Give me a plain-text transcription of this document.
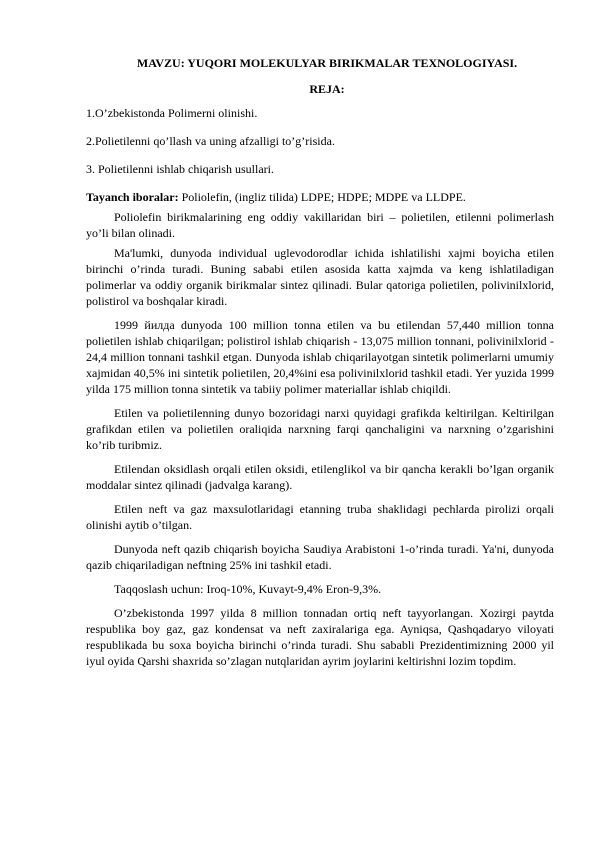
MAVZU: YUQORI MOLEKULYAR BIRIKMALAR TEXNOLOGIYASI.

REJA:

1.O’zbekistonda Polimerni olinishi.

2.Polietilenni qo’llash va uning afzalligi to’g’risida.

3. Polietilenni ishlab chiqarish usullari.

Tayanch iboralar: Poliolefin, (ingliz tilida) LDPE; HDPE; MDPE va LLDPE.

Poliolefin birikmalarining eng oddiy vakillaridan biri – polietilen, etilenni polimerlash yo’li bilan olinadi.

Ma'lumki, dunyoda individual uglevodorodlar ichida ishlatilishi xajmi boyicha etilen birinchi o’rinda turadi. Buning sababi etilen asosida katta xajmda va keng ishlatiladigan polimerlar va oddiy organik birikmalar sintez qilinadi. Bular qatoriga polietilen, polivinilxlorid, polistirol va boshqalar kiradi.

1999 йилда dunyoda 100 million tonna etilen va bu etilendan 57,440 million tonna polietilen ishlab chiqarilgan; polistirol ishlab chiqarish - 13,075 million tonnani, polivinilxlorid - 24,4 million tonnani tashkil etgan. Dunyoda ishlab chiqarilayotgan sintetik polimerlarni umumiy xajmidan 40,5% ini sintetik polietilen, 20,4%ini esa polivinilxlorid tashkil etadi. Yer yuzida 1999 yilda 175 million tonna sintetik va tabiiy polimer materiallar ishlab chiqildi.

Etilen va polietilenning dunyo bozoridagi narxi quyidagi grafikda keltirilgan. Keltirilgan grafikdan etilen va polietilen oraliqida narxning farqi qanchaligini va narxning o’zgarishini ko’rib turibmiz.

Etilendan oksidlash orqali etilen oksidi, etilenglikol va bir qancha kerakli bo’lgan organik moddalar sintez qilinadi (jadvalga karang).

Etilen neft va gaz maxsulotlaridagi etanning truba shaklidagi pechlarda pirolizi orqali olinishi aytib o’tilgan.

Dunyoda neft qazib chiqarish boyicha Saudiya Arabistoni 1-o’rinda turadi. Ya'ni, dunyoda qazib chiqariladigan neftning 25% ini tashkil etadi.

Taqqoslash uchun: Iroq-10%, Kuvayt-9,4% Eron-9,3%.

O’zbekistonda 1997 yilda 8 million tonnadan ortiq neft tayyorlangan. Xozirgi paytda respublika boy gaz, gaz kondensat va neft zaxiralariga ega. Ayniqsa, Qashqadaryo viloyati respublikada bu soxa boyicha birinchi o’rinda turadi. Shu sababli Prezidentimizning 2000 yil iyul oyida Qarshi shaxrida so’zlagan nutqlaridan ayrim joylarini keltirishni lozim topdim.
